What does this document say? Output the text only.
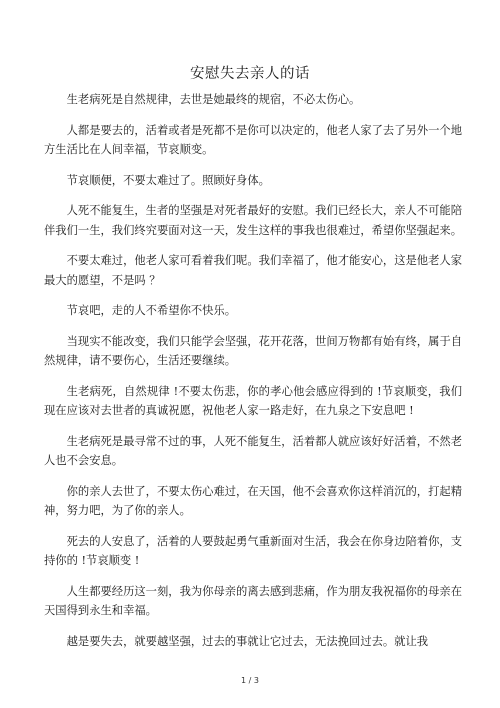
安慰失去亲人的话

生老病死是自然规律，去世是她最终的规宿，不必太伤心。

人都是要去的，活着或者是死都不是你可以决定的，他老人家了去了另外一个地方生活比在人间幸福，节哀顺变。

节哀顺便，不要太难过了。照顾好身体。

人死不能复生，生者的坚强是对死者最好的安慰。我们已经长大，亲人不可能陪伴我们一生，我们终究要面对这一天，发生这样的事我也很难过，希望你坚强起来。

不要太难过，他老人家可看着我们呢。我们幸福了，他才能安心，这是他老人家最大的愿望，不是吗 ？

节哀吧，走的人不希望你不快乐。

当现实不能改变，我们只能学会坚强，花开花落，世间万物都有始有终，属于自然规律，请不要伤心，生活还要继续。

生老病死，自然规律 !不要太伤悲，你的孝心他会感应得到的 !节哀顺变，我们现在应该对去世者的真诚祝愿，祝他老人家一路走好，在九泉之下安息吧 !

生老病死是最寻常不过的事，人死不能复生，活着都人就应该好好活着，不然老人也不会安息。

你的亲人去世了，不要太伤心难过，在天国，他不会喜欢你这样消沉的，打起精神，努力吧，为了你的亲人。

死去的人安息了，活着的人要鼓起勇气重新面对生活，我会在你身边陪着你，支持你的 !节哀顺变 !

人生都要经历这一刻，我为你母亲的离去感到悲痛，作为朋友我祝福你的母亲在天国得到永生和幸福。

越是要失去，就要越坚强，过去的事就让它过去，无法挽回过去。就让我

1 / 3
